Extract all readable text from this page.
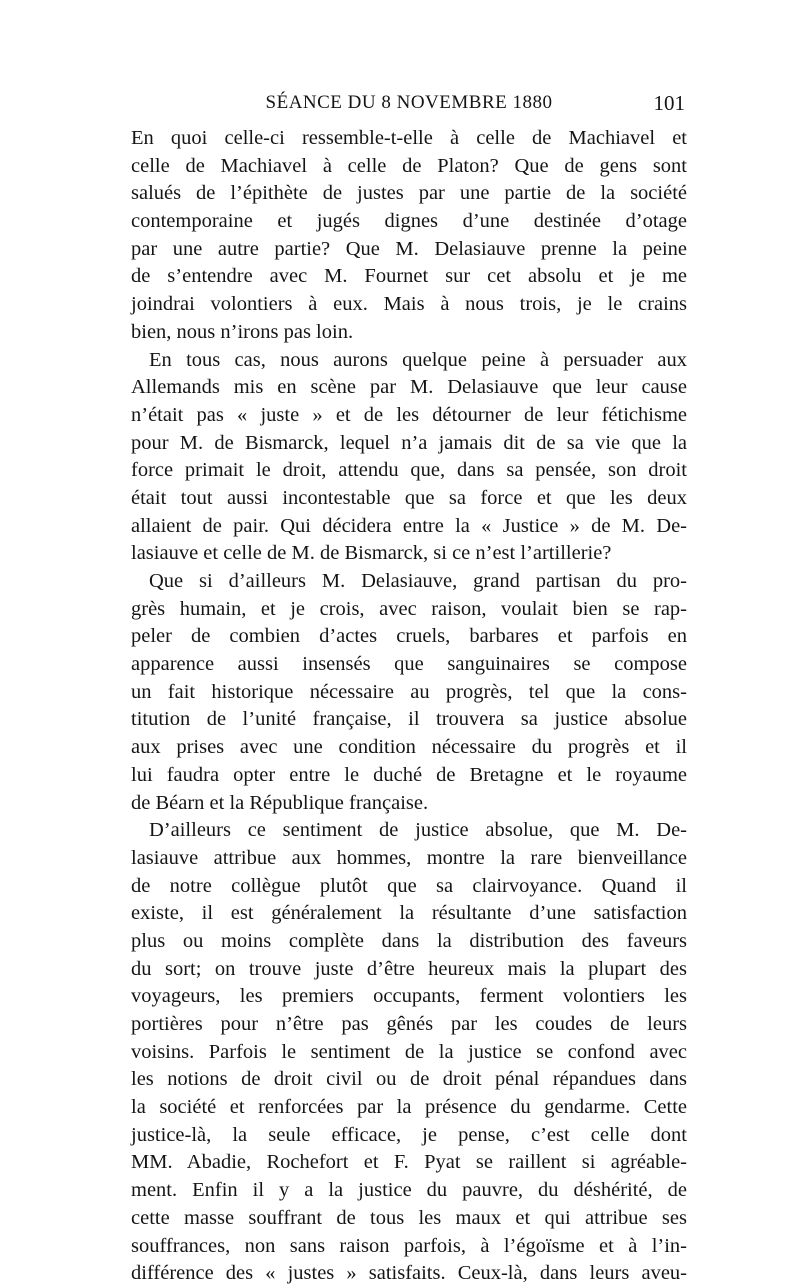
SÉANCE DU 8 NOVEMBRE 1880	101
En quoi celle-ci ressemble-t-elle à celle de Machiavel et
celle de Machiavel à celle de Platon? Que de gens sont
salués de l’épithète de justes par une partie de la société
contemporaine et jugés dignes d’une destinée d’otage
par une autre partie? Que M. Delasiauve prenne la peine
de s’entendre avec M. Fournet sur cet absolu et je me
joindrai volontiers à eux. Mais à nous trois, je le crains
bien, nous n’irons pas loin.
En tous cas, nous aurons quelque peine à persuader aux
Allemands mis en scène par M. Delasiauve que leur cause
n’était pas « juste » et de les détourner de leur fétichisme
pour M. de Bismarck, lequel n’a jamais dit de sa vie que la
force primait le droit, attendu que, dans sa pensée, son droit
était tout aussi incontestable que sa force et que les deux
allaient de pair. Qui décidera entre la « Justice » de M. De-
lasiauve et celle de M. de Bismarck, si ce n’est l’artillerie?
Que si d’ailleurs M. Delasiauve, grand partisan du pro-
grès humain, et je crois, avec raison, voulait bien se rap-
peler de combien d’actes cruels, barbares et parfois en
apparence aussi insensés que sanguinaires se compose
un fait historique nécessaire au progrès, tel que la cons-
titution de l’unité française, il trouvera sa justice absolue
aux prises avec une condition nécessaire du progrès et il
lui faudra opter entre le duché de Bretagne et le royaume
de Béarn et la République française.
D’ailleurs ce sentiment de justice absolue, que M. De-
lasiauve attribue aux hommes, montre la rare bienveillance
de notre collègue plutôt que sa clairvoyance. Quand il
existe, il est généralement la résultante d’une satisfaction
plus ou moins complète dans la distribution des faveurs
du sort; on trouve juste d’être heureux mais la plupart des
voyageurs, les premiers occupants, ferment volontiers les
portières pour n’être pas gênés par les coudes de leurs
voisins. Parfois le sentiment de la justice se confond avec
les notions de droit civil ou de droit pénal répandues dans
la société et renforcées par la présence du gendarme. Cette
justice-là, la seule efficace, je pense, c’est celle dont
MM. Abadie, Rochefort et F. Pyat se raillent si agréable-
ment. Enfin il y a la justice du pauvre, du déshérité, de
cette masse souffrant de tous les maux et qui attribue ses
souffrances, non sans raison parfois, à l’égoïsme et à l’in-
différence des « justes » satisfaits. Ceux-là, dans leurs aveu-
